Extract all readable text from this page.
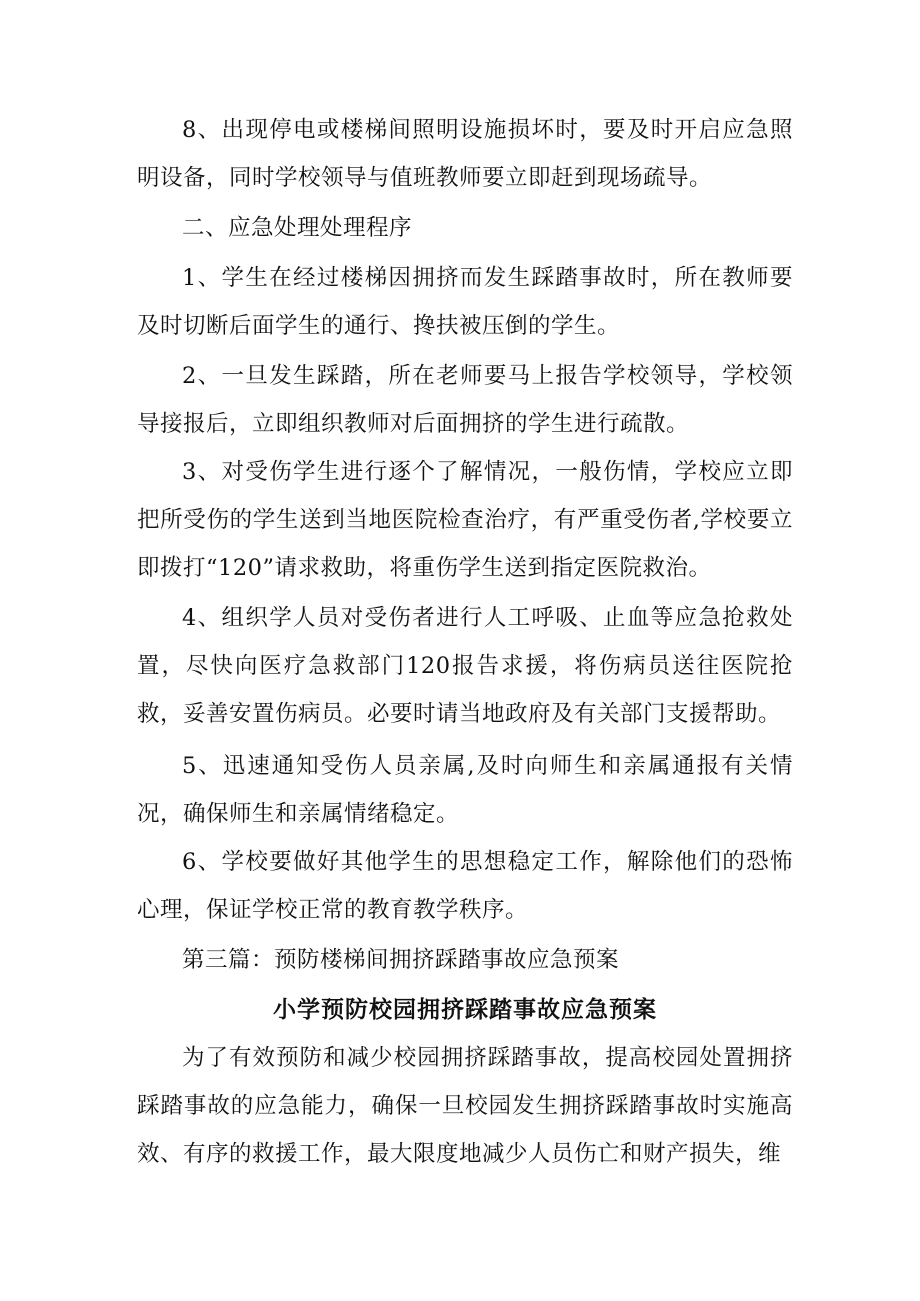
8、出现停电或楼梯间照明设施损坏时，要及时开启应急照明设备，同时学校领导与值班教师要立即赶到现场疏导。

二、应急处理处理程序

1、学生在经过楼梯因拥挤而发生踩踏事故时，所在教师要及时切断后面学生的通行、搀扶被压倒的学生。

2、一旦发生踩踏，所在老师要马上报告学校领导，学校领导接报后，立即组织教师对后面拥挤的学生进行疏散。

3、对受伤学生进行逐个了解情况，一般伤情，学校应立即把所受伤的学生送到当地医院检查治疗，有严重受伤者,学校要立即拨打“120”请求救助，将重伤学生送到指定医院救治。

4、组织学人员对受伤者进行人工呼吸、止血等应急抢救处置，尽快向医疗急救部门120报告求援，将伤病员送往医院抢救，妥善安置伤病员。必要时请当地政府及有关部门支援帮助。

5、迅速通知受伤人员亲属,及时向师生和亲属通报有关情况，确保师生和亲属情绪稳定。

6、学校要做好其他学生的思想稳定工作，解除他们的恐怖心理，保证学校正常的教育教学秩序。

第三篇：预防楼梯间拥挤踩踏事故应急预案

小学预防校园拥挤踩踏事故应急预案

为了有效预防和减少校园拥挤踩踏事故，提高校园处置拥挤踩踏事故的应急能力，确保一旦校园发生拥挤踩踏事故时实施高效、有序的救援工作，最大限度地减少人员伤亡和财产损失，维
